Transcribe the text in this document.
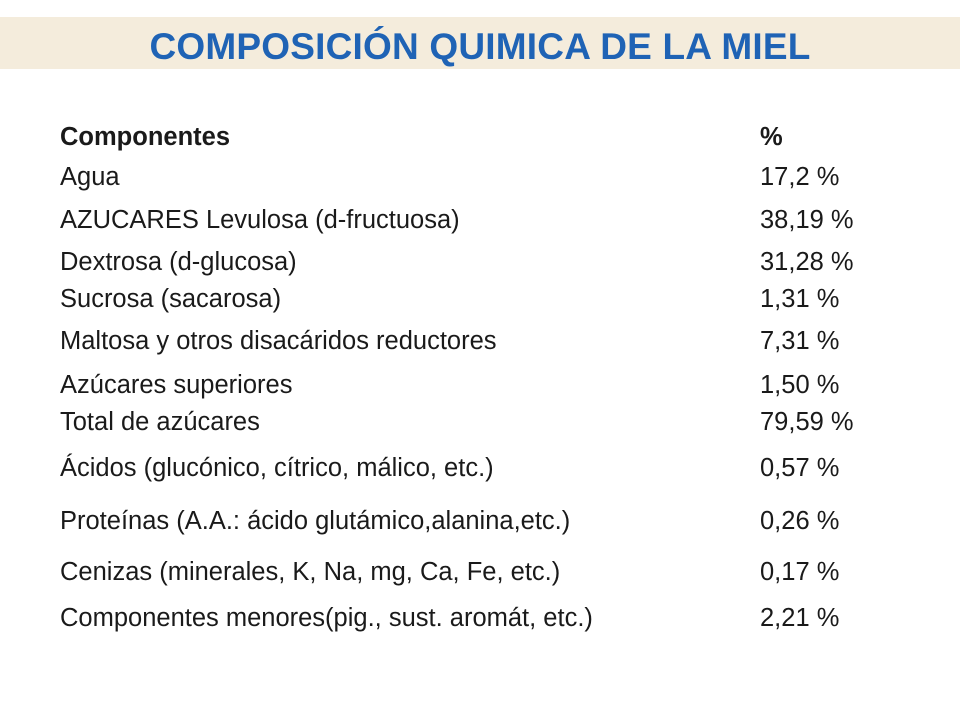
COMPOSICIÓN QUIMICA DE LA MIEL
Componentes	%
Agua	17,2 %
AZUCARES Levulosa (d-fructuosa)	38,19 %
Dextrosa (d-glucosa)	31,28 %
Sucrosa (sacarosa)	1,31 %
Maltosa y otros disacáridos reductores	7,31 %
Azúcares superiores	1,50 %
Total de azúcares	79,59 %
Ácidos (glucónico, cítrico, málico, etc.)	0,57 %
Proteínas (A.A.: ácido glutámico,alanina,etc.)	0,26 %
Cenizas (minerales, K, Na, mg, Ca, Fe, etc.)	0,17 %
Componentes menores(pig., sust. aromát, etc.)	2,21 %
